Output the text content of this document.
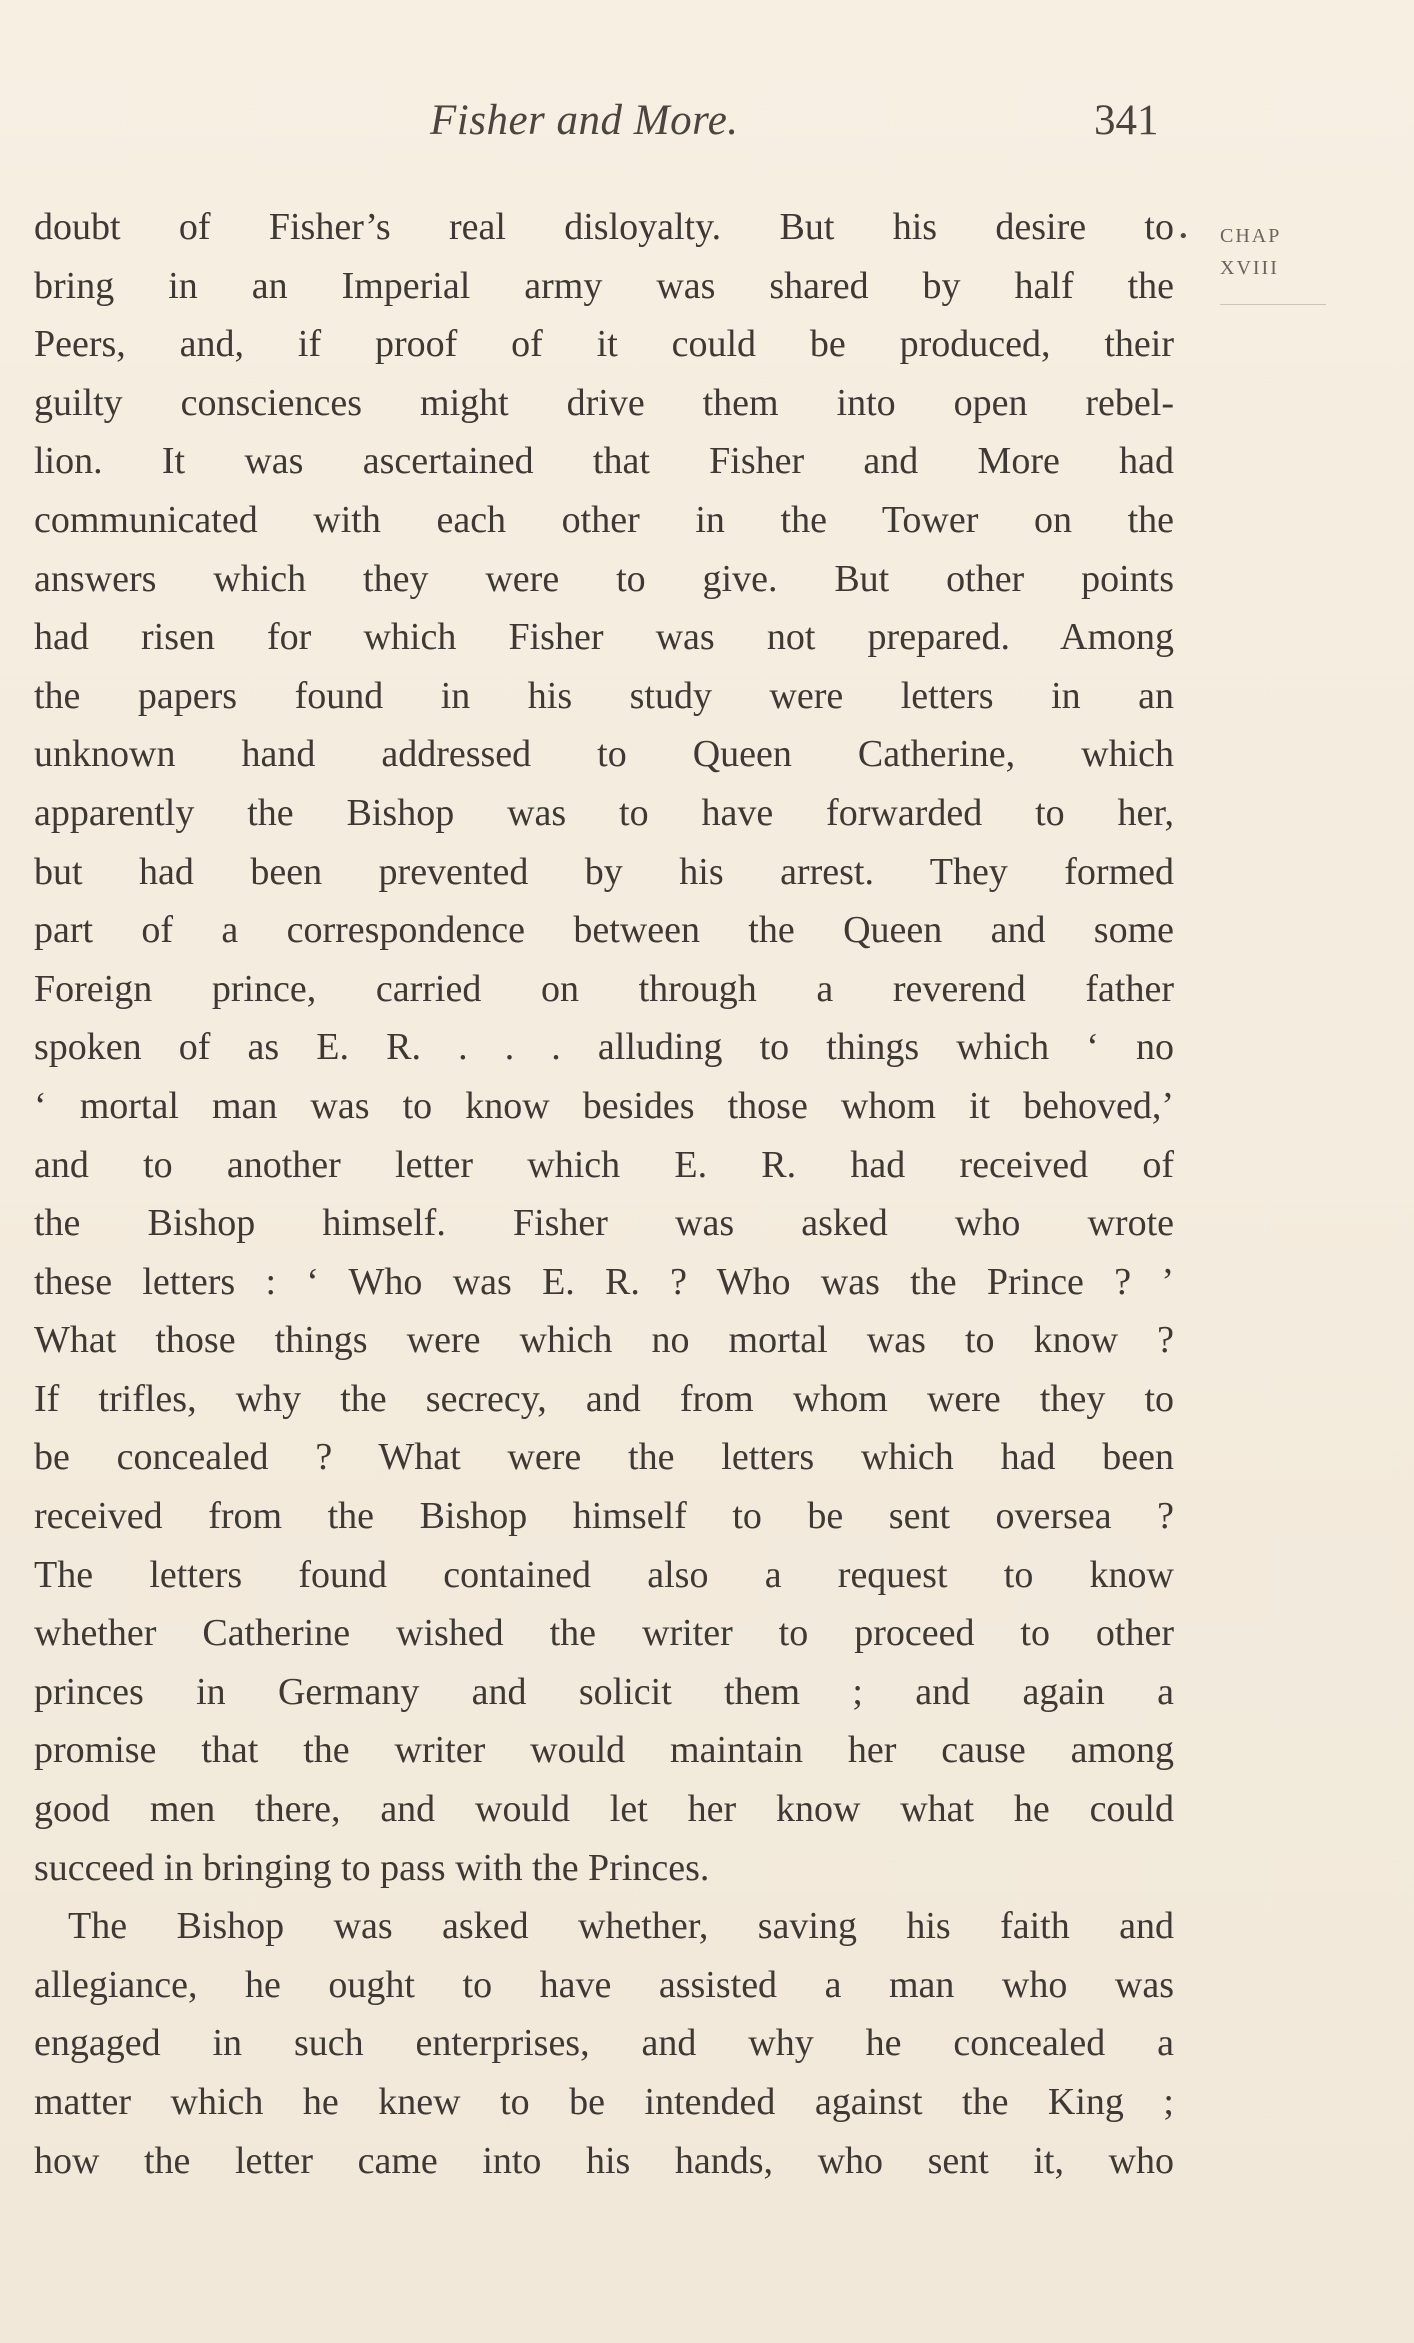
Fisher and More.	341
• CHAP
XVIII
doubt of Fisher’s real disloyalty. But his desire to
bring in an Imperial army was shared by half the
Peers, and, if proof of it could be produced, their
guilty consciences might drive them into open rebel-
lion. It was ascertained that Fisher and More had
communicated with each other in the Tower on the
answers which they were to give. But other points
had risen for which Fisher was not prepared. Among
the papers found in his study were letters in an
unknown hand addressed to Queen Catherine, which
apparently the Bishop was to have forwarded to her,
but had been prevented by his arrest. They formed
part of a correspondence between the Queen and some
Foreign prince, carried on through a reverend father
spoken of as E. R. . . . alluding to things which ‘ no
‘ mortal man was to know besides those whom it behoved,’
and to another letter which E. R. had received of
the Bishop himself. Fisher was asked who wrote
these letters : ‘ Who was E. R. ? Who was the Prince ? ’
What those things were which no mortal was to know ?
If trifles, why the secrecy, and from whom were they to
be concealed ? What were the letters which had been
received from the Bishop himself to be sent oversea ?
The letters found contained also a request to know
whether Catherine wished the writer to proceed to other
princes in Germany and solicit them ; and again a
promise that the writer would maintain her cause among
good men there, and would let her know what he could
succeed in bringing to pass with the Princes.
The Bishop was asked whether, saving his faith and
allegiance, he ought to have assisted a man who was
engaged in such enterprises, and why he concealed a
matter which he knew to be intended against the King ;
how the letter came into his hands, who sent it, who
